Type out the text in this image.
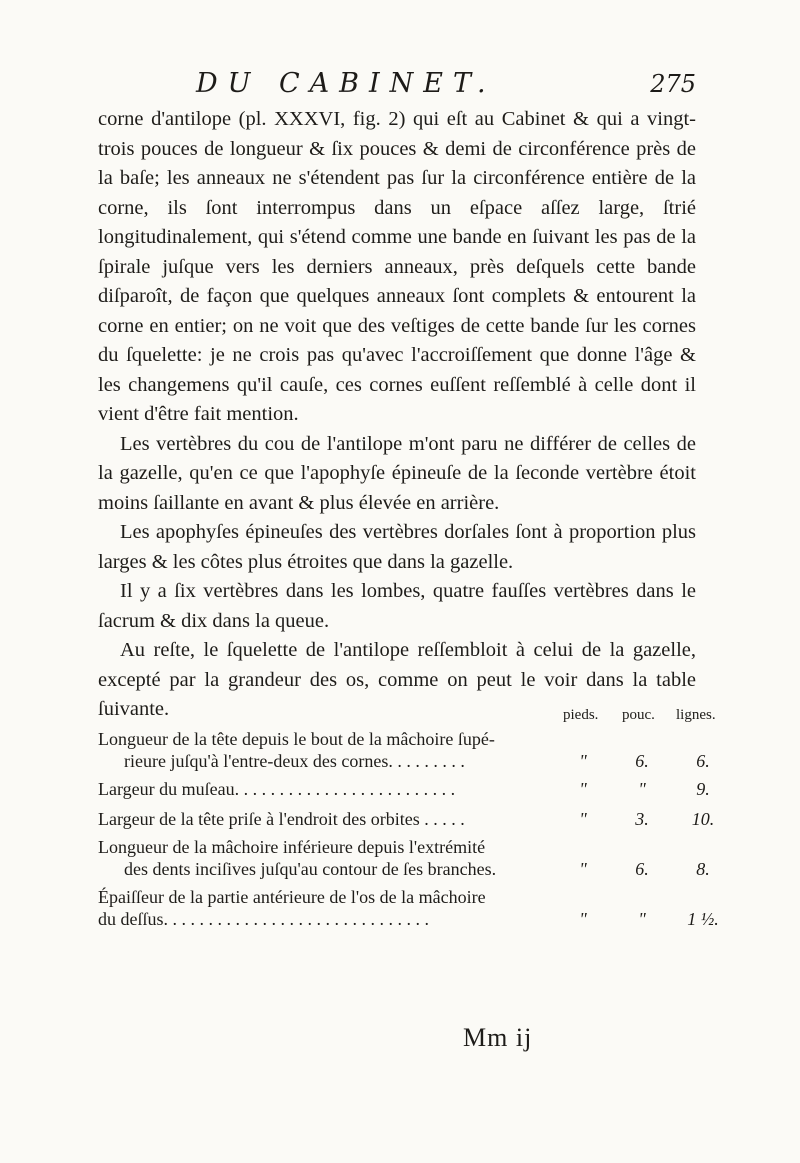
DU CABINET.	275

corne d'antilope (pl. XXXVI, fig. 2) qui eſt au Cabinet & qui a vingt-trois pouces de longueur & ſix pouces & demi de circonférence près de la baſe; les anneaux ne s'étendent pas ſur la circonférence entière de la corne, ils ſont interrompus dans un eſpace aſſez large, ſtrié longitudinalement, qui s'étend comme une bande en ſuivant les pas de la ſpirale juſque vers les derniers anneaux, près deſquels cette bande diſparoît, de façon que quelques anneaux ſont complets & entourent la corne en entier; on ne voit que des veſtiges de cette bande ſur les cornes du ſquelette: je ne crois pas qu'avec l'accroiſſement que donne l'âge & les changemens qu'il cauſe, ces cornes euſſent reſſemblé à celle dont il vient d'être fait mention.

Les vertèbres du cou de l'antilope m'ont paru ne différer de celles de la gazelle, qu'en ce que l'apophyſe épineuſe de la ſeconde vertèbre étoit moins ſaillante en avant & plus élevée en arrière.

Les apophyſes épineuſes des vertèbres dorſales ſont à proportion plus larges & les côtes plus étroites que dans la gazelle.

Il y a ſix vertèbres dans les lombes, quatre fauſſes vertèbres dans le ſacrum & dix dans la queue.

Au reſte, le ſquelette de l'antilope reſſembloit à celui de la gazelle, excepté par la grandeur des os, comme on peut le voir dans la table ſuivante.	pieds. pouc. lignes.
Longueur de la tête depuis le bout de la mâchoire ſupé-
rieure juſqu'à l'entre-deux des cornes. . . . . . . . .	"	6.	6.
Largeur du muſeau. . . . . . . . . . . . . . . . . . . . . . . . .	"	"	9.
Largeur de la tête priſe à l'endroit des orbites . . . . .	"	3.	10.
Longueur de la mâchoire inférieure depuis l'extrémité
des dents inciſives juſqu'au contour de ſes branches.	"	6.	8.
Épaiſſeur de la partie antérieure de l'os de la mâchoire
du deſſus. . . . . . . . . . . . . . . . . . . . . . . . . . . . . .	"	"	1 ½.
Mm ij
